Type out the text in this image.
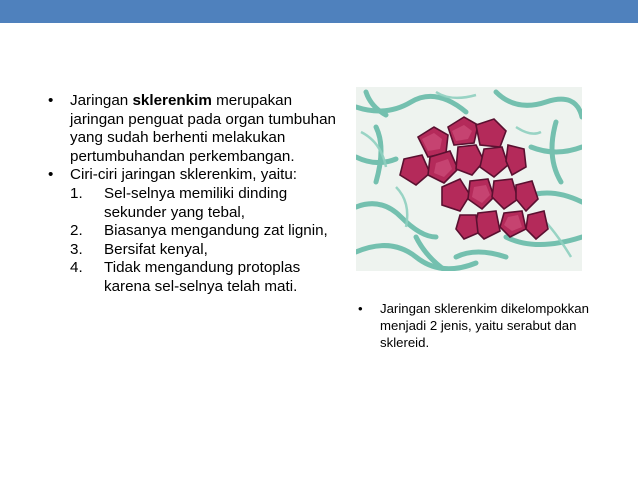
•	Jaringan sklerenkim merupakan jaringan penguat pada organ tumbuhan yang sudah berhenti melakukan pertumbuhandan perkembangan.
•	Ciri-ciri jaringan sklerenkim, yaitu:
1.	Sel-selnya memiliki dinding sekunder yang tebal,
2.	Biasanya mengandung zat lignin,
3.	Bersifat kenyal,
4.	Tidak mengandung protoplas karena sel-selnya telah mati.
•	Jaringan sklerenkim dikelompokkan menjadi 2 jenis, yaitu serabut dan sklereid.
